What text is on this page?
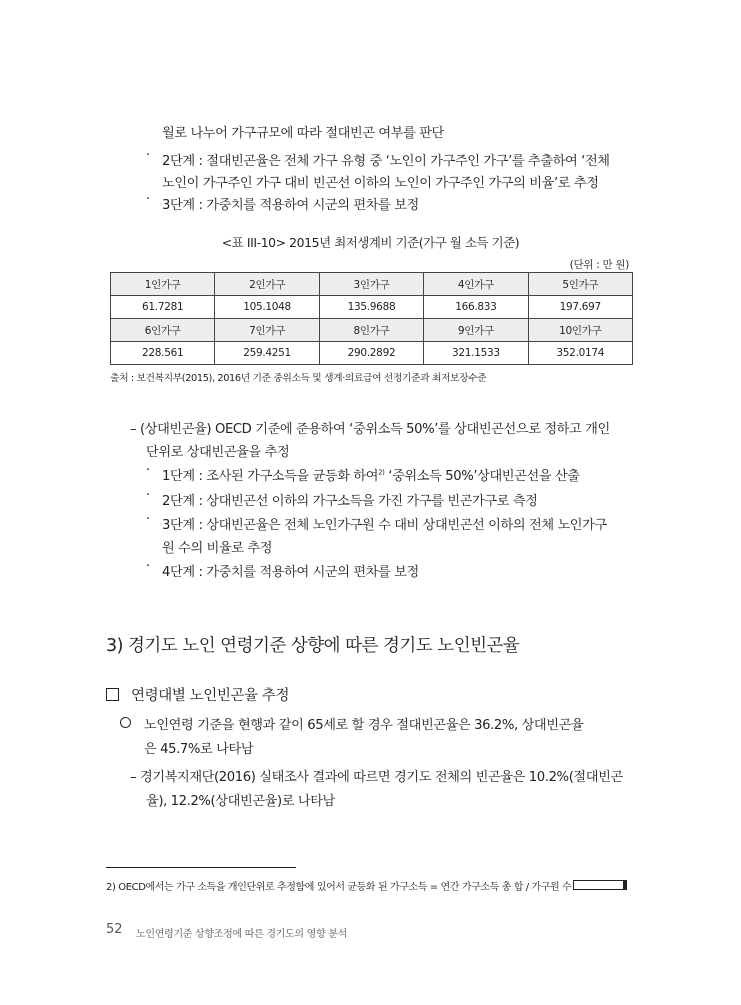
월로 나누어 가구규모에 따라 절대빈곤 여부를 판단
· 2단계 : 절대빈곤율은 전체 가구 유형 중 ‘노인이 가구주인 가구’를 추출하여 ‘전체
노인이 가구주인 가구 대비 빈곤선 이하의 노인이 가구주인 가구의 비율’로 추정
· 3단계 : 가중치를 적용하여 시군의 편차를 보정
<표 III-10> 2015년 최저생계비 기준(가구 월 소득 기준)
(단위 : 만 원)
1인가구	2인가구	3인가구	4인가구	5인가구
61.7281	105.1048	135.9688	166.833	197.697
6인가구	7인가구	8인가구	9인가구	10인가구
228.561	259.4251	290.2892	321.1533	352.0174
출처 : 보건복지부(2015), 2016년 기준 중위소득 및 생계·의료급여 선정기준과 최저보장수준
– (상대빈곤율) OECD 기준에 준용하여 ‘중위소득 50%’를 상대빈곤선으로 정하고 개인
단위로 상대빈곤율을 추정
· 1단계 : 조사된 가구소득을 균등화 하여$^{2)}$ ‘중위소득 50%’상대빈곤선을 산출
· 2단계 : 상대빈곤선 이하의 가구소득을 가진 가구를 빈곤가구로 측정
· 3단계 : 상대빈곤율은 전체 노인가구원 수 대비 상대빈곤선 이하의 전체 노인가구
원 수의 비율로 추정
· 4단계 : 가중치를 적용하여 시군의 편차를 보정
3) 경기도 노인 연령기준 상향에 따른 경기도 노인빈곤율
연령대별 노인빈곤율 추정
노인연령 기준을 현행과 같이 65세로 할 경우 절대빈곤율은 36.2%, 상대빈곤율
은 45.7%로 나타남
– 경기복지재단(2016) 실태조사 결과에 따르면 경기도 전체의 빈곤율은 10.2%(절대빈곤
율), 12.2%(상대빈곤율)로 나타남
2) OECD에서는 가구 소득을 개인단위로 추정함에 있어서 균등화 된 가구소득 = 연간 가구소득 총 합 / 가구원 수
52 노인연령기준 상향조정에 따른 경기도의 영향 분석
